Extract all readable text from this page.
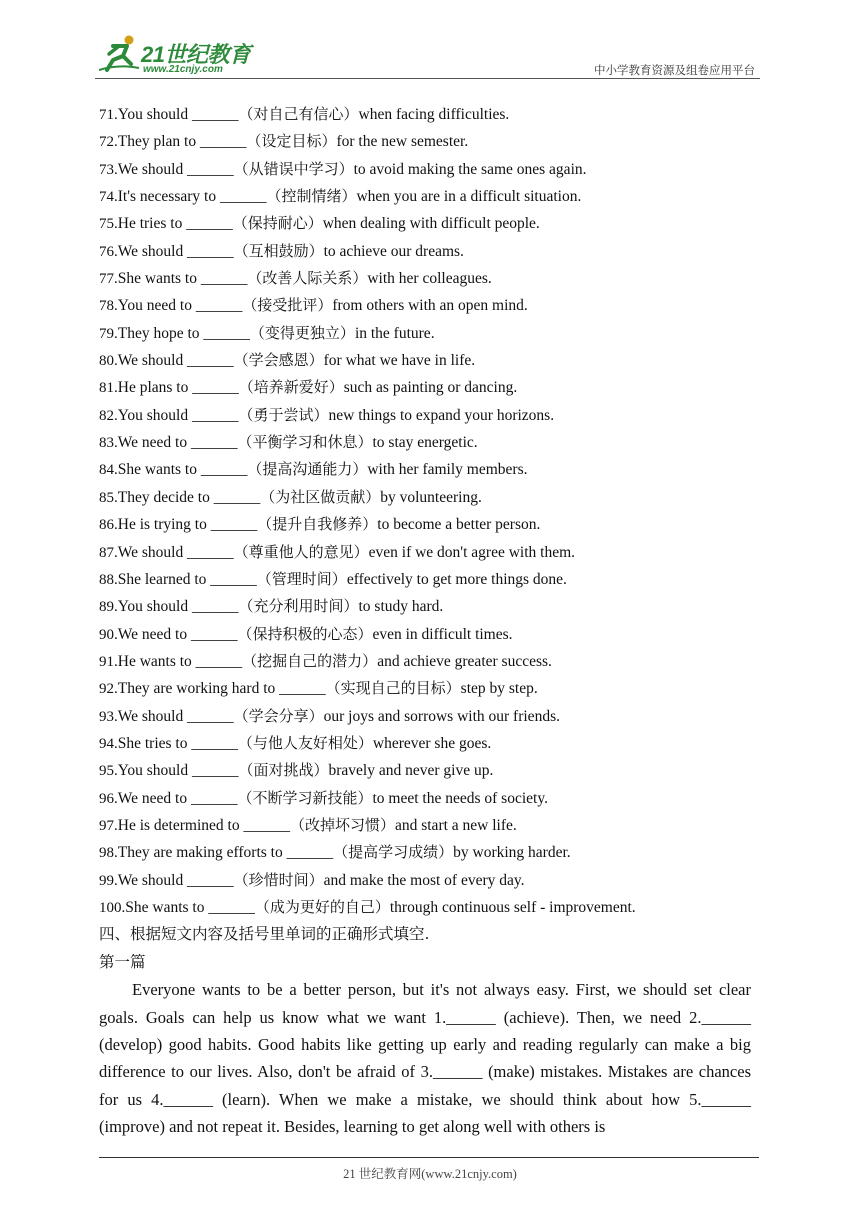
21世纪教育
www.21cnjy.com	中小学教育资源及组卷应用平台
71.You should ______（对自己有信心）when facing difficulties.
72.They plan to ______（设定目标）for the new semester.
73.We should ______（从错误中学习）to avoid making the same ones again.
74.It's necessary to ______（控制情绪）when you are in a difficult situation.
75.He tries to ______（保持耐心）when dealing with difficult people.
76.We should ______（互相鼓励）to achieve our dreams.
77.She wants to ______（改善人际关系）with her colleagues.
78.You need to ______（接受批评）from others with an open mind.
79.They hope to ______（变得更独立）in the future.
80.We should ______（学会感恩）for what we have in life.
81.He plans to ______（培养新爱好）such as painting or dancing.
82.You should ______（勇于尝试）new things to expand your horizons.
83.We need to ______（平衡学习和休息）to stay energetic.
84.She wants to ______（提高沟通能力）with her family members.
85.They decide to ______（为社区做贡献）by volunteering.
86.He is trying to ______（提升自我修养）to become a better person.
87.We should ______（尊重他人的意见）even if we don't agree with them.
88.She learned to ______（管理时间）effectively to get more things done.
89.You should ______（充分利用时间）to study hard.
90.We need to ______（保持积极的心态）even in difficult times.
91.He wants to ______（挖掘自己的潜力）and achieve greater success.
92.They are working hard to ______（实现自己的目标）step by step.
93.We should ______（学会分享）our joys and sorrows with our friends.
94.She tries to ______（与他人友好相处）wherever she goes.
95.You should ______（面对挑战）bravely and never give up.
96.We need to ______（不断学习新技能）to meet the needs of society.
97.He is determined to ______（改掉坏习惯）and start a new life.
98.They are making efforts to ______（提高学习成绩）by working harder.
99.We should ______（珍惜时间）and make the most of every day.
100.She wants to ______（成为更好的自己）through continuous self - improvement.
四、根据短文内容及括号里单词的正确形式填空.
第一篇
Everyone wants to be a better person, but it's not always easy. First, we should set clear goals. Goals can help us know what we want 1.______ (achieve). Then, we need 2.______ (develop) good habits. Good habits like getting up early and reading regularly can make a big difference to our lives. Also, don't be afraid of 3.______ (make) mistakes. Mistakes are chances for us 4.______ (learn). When we make a mistake, we should think about how 5.______ (improve) and not repeat it. Besides, learning to get along well with others is
21 世纪教育网(www.21cnjy.com)
